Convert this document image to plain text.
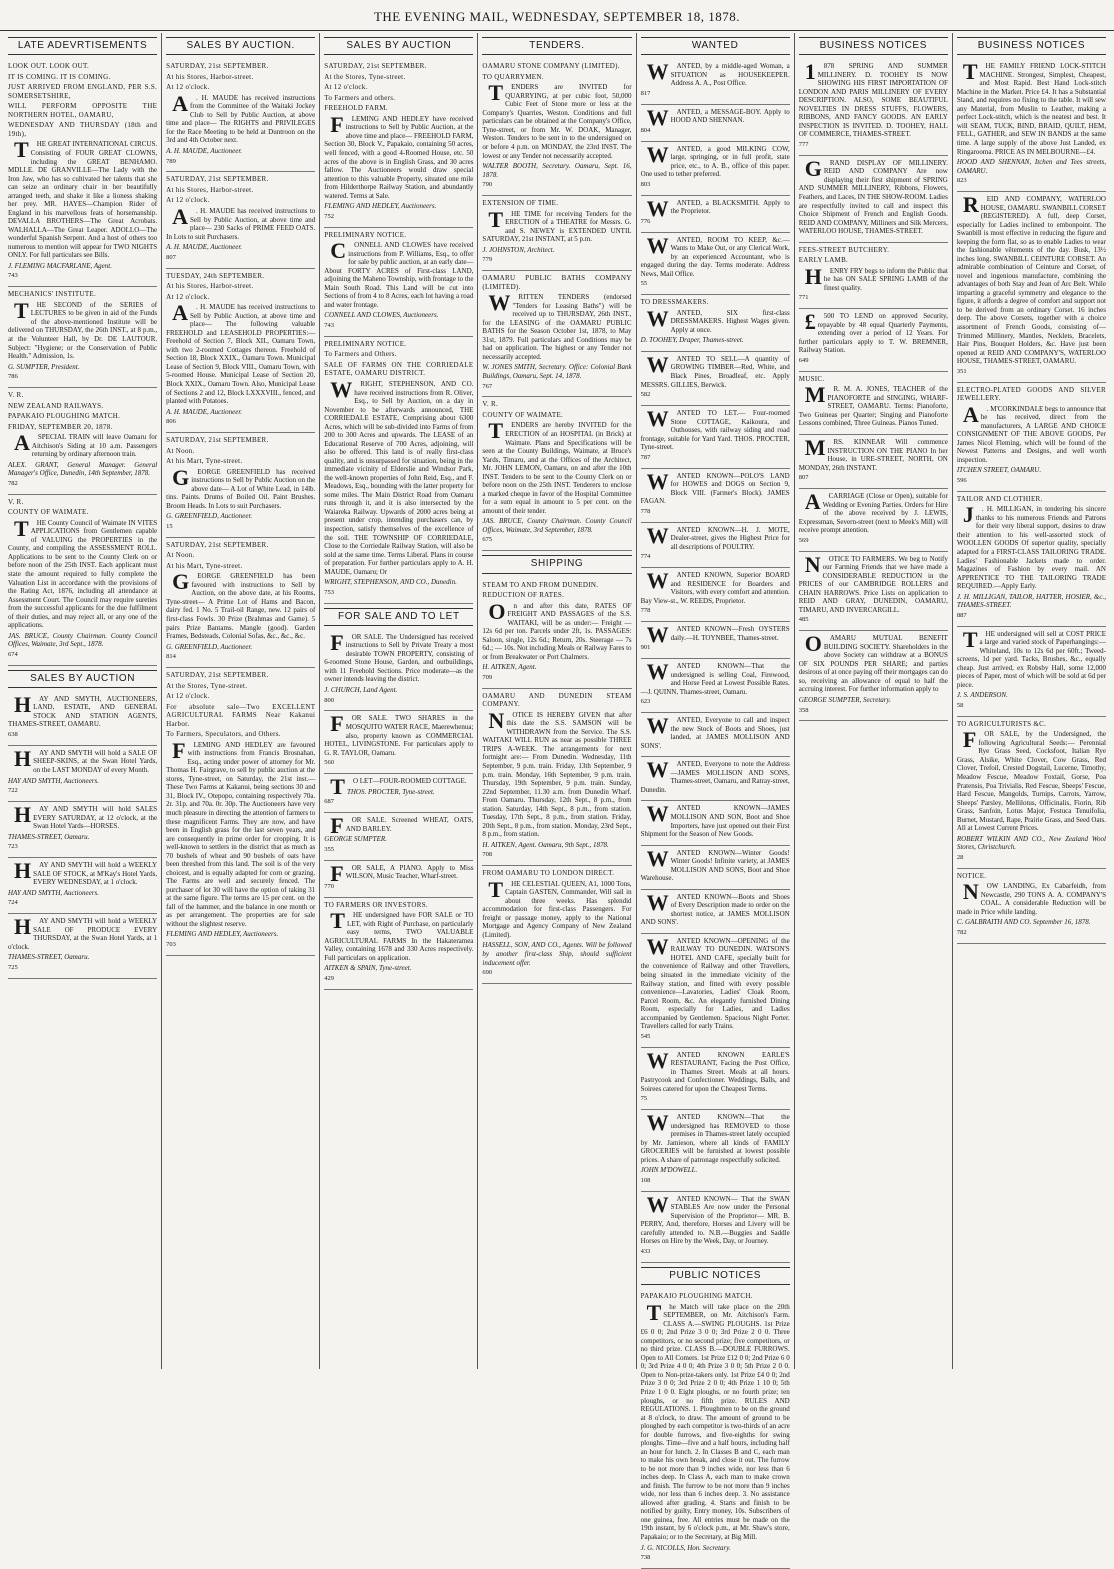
THE EVENING MAIL, WEDNESDAY, SEPTEMBER 18, 1878.
LATE ADEVRTISEMENTS

LOOK OUT. LOOK OUT.

IT IS COMING. IT IS COMING.

JUST ARRIVED FROM ENGLAND, PER S.S. SOMERSETSHIRE,

WILL PERFORM OPPOSITE THE NORTHERN HOTEL, OAMARU,

WEDNESDAY AND THURSDAY (18th and 19th),

T HE GREAT INTERNATIONAL CIRCUS. Consisting of FOUR GREAT CLOWNS, including the GREAT BENHAMO. MDLLE. DE GRANVILLE—The Lady with the Iron Jaw, who has so cultivated her talents that she can seize an ordinary chair in her beautifully arranged teeth, and shake it like a lioness shaking her prey. MR. HAYES—Champion Rider of England in his marvellous feats of horsemanship. DEVALLA BROTHERS—The Great Acrobats. WALHALLA—The Great Leaper. ADOLLO—The wonderful Spanish Serpent. And a host of others too numerous to mention will appear for TWO NIGHTS ONLY. For full particulars see Bills.

J. FLEMING MACFARLANE, Agent.

743

MECHANICS' INSTITUTE.

T HE SECOND of the SERIES of LECTURES to be given in aid of the Funds of the above-mentioned Institute will be delivered on THURSDAY, the 26th INST., at 8 p.m., at the Volunteer Hall, by Dr. DE LAUTOUR. Subject: "Hygiene; or the Conservation of Public Health." Admission, 1s.

G. SUMPTER, President.

786

V. R.

NEW ZEALAND RAILWAYS.

PAPAKAIO PLOUGHING MATCH.

FRIDAY, SEPTEMBER 20, 1878.

A SPECIAL TRAIN will leave Oamaru for Aitchison's Siding at 10 a.m. Passengers returning by ordinary afternoon train.

ALEX. GRANT, General Manager. General Manager's Office, Dunedin, 14th September, 1878.

782

V. R.

COUNTY OF WAIMATE.

T HE County Council of Waimate IN VITES APPLICATIONS from Gentlemen capable of VALUING the PROPERTIES in the County, and compiling the ASSESSMENT ROLL. Applications to be sent to the County Clerk on or before noon of the 25th INST. Each applicant must state the amount required to fully complete the Valuation List in accordance with the provisions of the Rating Act, 1876, including all attendance at Assessment Court. The Council may require sureties from the successful applicants for the due fulfilment of their duties, and may reject all, or any one of the applications.

JAS. BRUCE, County Chairman. County Council Offices, Waimate, 3rd Sept., 1878.

674

SALES BY AUCTION

H AY AND SMYTH, AUCTIONEERS, LAND, ESTATE, AND GENERAL STOCK AND STATION AGENTS, THAMES-STREET, OAMARU.

638

H AY AND SMYTH will hold a SALE OF SHEEP-SKINS, at the Swan Hotel Yards, on the LAST MONDAY of every Month.

HAY AND SMYTH, Auctioneers.

722

H AY AND SMYTH will hold SALES EVERY SATURDAY, at 12 o'clock, at the Swan Hotel Yards—HORSES.

THAMES-STREET, Oamaru.

723

H AY AND SMYTH will hold a WEEKLY SALE OF STOCK, at M'Kay's Hotel Yards, EVERY WEDNESDAY, at 1 o'clock.

HAY AND SMYTH, Auctioneers.

724

H AY AND SMYTH will hold a WEEKLY SALE OF PRODUCE EVERY THURSDAY, at the Swan Hotel Yards, at 1 o'clock.

THAMES-STREET, Oamaru.

725

SALES BY AUCTION.

SATURDAY, 21st SEPTEMBER.

At his Stores, Harbor-street.

At 12 o'clock.

A . H. MAUDE has received instructions from the Committee of the Waitaki Jockey Club to Sell by Public Auction, at above time and place— The RIGHTS and PRIVILEGES for the Race Meeting to be held at Duntroon on the 3rd and 4th October next.

A. H. MAUDE, Auctioneer.

789

SATURDAY, 21st SEPTEMBER.

At his Stores, Harbor-street.

At 12 o'clock.

A . H. MAUDE has received instructions to Sell by Public Auction, at above time and place— 230 Sacks of PRIME FEED OATS. In Lots to suit Purchasers.

A. H. MAUDE, Auctioneer.

807

TUESDAY, 24th SEPTEMBER.

At his Stores, Harbor-street.

At 12 o'clock.

A . H. MAUDE has received instructions to Sell by Public Auction, at above time and place— The following valuable FREEHOLD and LEASEHOLD PROPERTIES:— Freehold of Section 7, Block XII., Oamaru Town, with two 2-roomed Cottages thereon. Freehold of Section 18, Block XXIX., Oamaru Town. Municipal Lease of Section 9, Block VIII., Oamaru Town, with 5-roomed House. Municipal Lease of Section 20, Block XXIX., Oamaru Town. Also, Municipal Lease of Sections 2 and 12, Block LXXXVIII., fenced, and planted with Potatoes.

A. H. MAUDE, Auctioneer.

806

SATURDAY, 21st SEPTEMBER.

At Noon.

At his Mart, Tyne-street.

G EORGE GREENFIELD has received instructions to Sell by Public Auction on the above date— A Lot of White Lead, in 14lb. tins. Paints. Drums of Boiled Oil. Paint Brushes. Broom Heads. In Lots to suit Purchasers.

G. GREENFIELD, Auctioneer.

15

SATURDAY, 21st SEPTEMBER.

At Noon.

At his Mart, Tyne-street.

G EORGE GREENFIELD has been favoured with instructions to Sell by Auction, on the above date, at his Rooms, Tyne-street— A Prime Lot of Hams and Bacon, dairy fed. 1 No. 5 Trail-oil Range, new. 12 pairs of first-class Fowls. 30 Prize (Brahmas and Game). 5 pairs Prize Bantams. Mangle (good). Garden Frames, Bedsteads, Colonial Sofas, &c., &c., &c.

G. GREENFIELD, Auctioneer.

814

SATURDAY, 21st SEPTEMBER.

At the Stores, Tyne-street.

At 12 o'clock.

For absolute sale—Two EXCELLENT AGRICULTURAL FARMS Near Kakanui Harbor.

To Farmers, Speculators, and Others.

F LEMING AND HEDLEY are favoured with instructions from Francis Brosnahan, Esq., acting under power of attorney for Mr. Thomas H. Fairgrave, to sell by public auction at the stores, Tyne-street, on Saturday, the 21st inst.— These Two Farms at Kakanui, being sections 30 and 31, Block IV., Otepopo, containing respectively 70a. 2r. 31p. and 70a. 0r. 30p. The Auctioneers have very much pleasure in directing the attention of farmers to these magnificent Farms. They are now, and have been in English grass for the last seven years, and are consequently in prime order for cropping. It is well-known to settlers in the district that as much as 70 bushels of wheat and 90 bushels of oats have been threshed from this land. The soil is of the very choicest, and is equally adapted for corn or grazing. The Farms are well and securely fenced. The purchaser of lot 30 will have the option of taking 31 at the same figure. The terms are 15 per cent. on the fall of the hammer, and the balance in one month or as per arrangement. The properties are for sale without the slightest reserve.

FLEMING AND HEDLEY, Auctioneers.

703

SALES BY AUCTION

SATURDAY, 21st SEPTEMBER.

At the Stores, Tyne-street.

At 12 o'clock.

To Farmers and others.

FREEHOLD FARM.

F LEMING AND HEDLEY have received instructions to Sell by Public Auction, at the above time and place— FREEHOLD FARM, Section 30, Block V., Papakaio, containing 50 acres, well fenced, with a good 4-Roomed House, etc. 50 acres of the above is in English Grass, and 30 acres fallow. The Auctioneers would draw special attention to this valuable Property, situated one mile from Hilderthorpe Railway Station, and abundantly watered. Terms at Sale.

FLEMING AND HEDLEY, Auctioneers.

752

PRELIMINARY NOTICE.

C ONNELL AND CLOWES have received instructions from P. Williams, Esq., to offer for sale by public auction, at an early date— About FORTY ACRES of First-class LAND, adjoining the Maheno Township, with frontage to the Main South Road. This Land will be cut into Sections of from 4 to 8 Acres, each lot having a road and water frontage.

CONNELL AND CLOWES, Auctioneers.

743

PRELIMINARY NOTICE.

To Farmers and Others.

SALE OF FARMS ON THE CORRIEDALE ESTATE, OAMARU DISTRICT.

W RIGHT, STEPHENSON, AND CO. have received instructions from R. Oliver, Esq., to Sell by Auction, on a day in November to be afterwards announced, THE CORRIEDALE ESTATE, Comprising about 6300 Acres, which will be sub-divided into Farms of from 200 to 300 Acres and upwards. The LEASE of an Educational Reserve of 700 Acres, adjoining, will also be offered. This land is of really first-class quality, and is unsurpassed for situation, being in the immediate vicinity of Elderslie and Windsor Park, the well-known properties of John Reid, Esq., and F. Meadows, Esq., bounding with the latter property for some miles. The Main District Road from Oamaru runs through it, and it is also intersected by the Waiareka Railway. Upwards of 2000 acres being at present under crop, intending purchasers can, by inspection, satisfy themselves of the excellence of the soil. THE TOWNSHIP OF CORRIEDALE, Close to the Corriedale Railway Station, will also be sold at the same time. Terms Liberal. Plans in course of preparation. For further particulars apply to A. H. MAUDE, Oamaru; Or

WRIGHT, STEPHENSON, AND CO., Dunedin.

753

FOR SALE AND TO LET

F OR SALE. The Undersigned has received instructions to Sell by Private Treaty a most desirable TOWN PROPERTY, consisting of 6-roomed Stone House, Garden, and outbuildings, with 11 Freehold Sections. Price moderate—as the owner intends leaving the district.

J. CHURCH, Land Agent.

800

F OR SALE. TWO SHARES in the MOSQUITO WATER RACE, Maerewhenua; also, property known as COMMERCIAL HOTEL, LIVINGSTONE. For particulars apply to G. R. TAYLOR, Oamaru.

560

T O LET—FOUR-ROOMED COTTAGE.

THOS. PROCTER, Tyne-street.

687

F OR SALE. Screened WHEAT, OATS, AND BARLEY.

GEORGE SUMPTER.

355

F OR SALE, A PIANO. Apply to Miss WILSON, Music Teacher, Wharf-street.

770

TO FARMERS OR INVESTORS.

T HE undersigned have FOR SALE or TO LET, with Right of Purchase, on particularly easy terms, TWO VALUABLE AGRICULTURAL FARMS In the Hakateramea Valley, containing 1678 and 330 Acres respectively. Full particulars on application.

AITKEN & SPAIN, Tyne-street.

429

TENDERS.

OAMARU STONE COMPANY (LIMITED).

TO QUARRYMEN.

T ENDERS are INVITED for QUARRYING, at per cubic foot, 50,000 Cubic Feet of Stone more or less at the Company's Quarries, Weston. Conditions and full particulars can be obtained at the Company's Office, Tyne-street, or from Mr. W. DOAK, Manager, Weston. Tenders to be sent in to the undersigned on or before 4 p.m. on MONDAY, the 23rd INST. The lowest or any Tender not necessarily accepted.

WALTER BOOTH, Secretary. Oamaru, Sept. 16, 1878.

790

EXTENSION OF TIME.

T HE TIME for receiving Tenders for the ERECTION of a THEATRE for Messrs. G. and S. NEWEY is EXTENDED UNTIL SATURDAY, 21st INSTANT, at 5 p.m.

J. JOHNSTON, Architect.

779

OAMARU PUBLIC BATHS COMPANY (LIMITED).

W RITTEN TENDERS (endorsed "Tenders for Leasing Baths") will be received up to THURSDAY, 26th INST., for the LEASING of the OAMARU PUBLIC BATHS for the Season October 1st, 1878, to May 31st, 1879. Full particulars and Conditions may be had on application. The highest or any Tender not necessarily accepted.

W. JONES SMITH, Secretary. Office: Colonial Bank Buildings, Oamaru, Sept. 14, 1878.

767

V. R.

COUNTY OF WAIMATE.

T ENDERS are hereby INVITED for the ERECTION of an HOSPITAL (in Brick) at Waimate. Plans and Specifications will be seen at the County Buildings, Waimate, at Bruce's Yards, Timaru, and at the Offices of the Architect, Mr. JOHN LEMON, Oamaru, on and after the 10th INST. Tenders to be sent to the County Clerk on or before noon on the 25th INST. Tenderers to enclose a marked cheque in favor of the Hospital Committee for a sum equal in amount to 5 per cent. on the amount of their tender.

JAS. BRUCE, County Chairman. County Council Offices, Waimate, 3rd September, 1878.

675

SHIPPING

STEAM TO AND FROM DUNEDIN.

REDUCTION OF RATES.

O n and after this date, RATES OF FREIGHT AND PASSAGES of the S.S. WAITAKI, will be as under:— Freight — 12s 6d per ton. Parcels under 2ft, 1s. PASSAGES: Saloon, single, 12s 6d.; Return, 20s. Steerage — 7s 6d.; — 10s. Not including Meals or Railway Fares to or from Breakwater or Port Chalmers.

H. AITKEN, Agent.

709

OAMARU AND DUNEDIN STEAM COMPANY.

N OTICE IS HEREBY GIVEN that after this date the S.S. SAMSON will be WITHDRAWN from the Service. The S.S. WAITAKI WILL RUN as near as possible THREE TRIPS A-WEEK. The arrangements for next fortnight are:— From Dunedin. Wednesday, 11th September, 9 p.m. train. Friday, 13th September, 9 p.m. train. Monday, 16th September, 9 p.m. train. Thursday, 19th September, 9 p.m. train. Sunday, 22nd September, 11.30 a.m. from Dunedin Wharf. From Oamaru. Thursday, 12th Sept., 8 p.m., from station. Saturday, 14th Sept., 8 p.m., from station. Tuesday, 17th Sept., 8 p.m., from station. Friday, 20th Sept., 8 p.m., from station. Monday, 23rd Sept., 8 p.m., from station.

H. AITKEN, Agent. Oamaru, 9th Sept., 1878.

708

FROM OAMARU TO LONDON DIRECT.

T HE CELESTIAL QUEEN, A1, 1000 Tons, Captain GASTEN, Commander, Will sail in about three weeks. Has splendid accommodation for first-class Passengers. For freight or passage money, apply to the National Mortgage and Agency Company of New Zealand (Limited).

HASSELL, SON, AND CO., Agents. Will be followed by another first-class Ship, should sufficient inducement offer.

690

WANTED

W ANTED, by a middle-aged Woman, a SITUATION as HOUSEKEEPER. Address A. A., Post Office.

817

W ANTED, a MESSAGE-BOY. Apply to HOOD AND SHENNAN.

804

W ANTED, a good MILKING COW, large, springing, or in full profit, state price, etc., to A. B., office of this paper. One used to tether preferred.

803

W ANTED, a BLACKSMITH. Apply to the Proprietor.

776

W ANTED, ROOM TO KEEP, &c.— Wants to Make Out, or any Clerical Work, by an experienced Accountant, who is engaged during the day. Terms moderate. Address News, Mail Office.

55

TO DRESSMAKERS.

W ANTED, SIX first-class DRESSMAKERS. Highest Wages given. Apply at once.

D. TOOHEY, Draper, Thames-street.

W ANTED TO SELL—A quantity of GROWING TIMBER—Red, White, and Black Pines, Broadleaf, etc. Apply MESSRS. GILLIES, Berwick.

582

W ANTED TO LET.— Four-roomed Stone COTTAGE, Kaikoura, and Outhouses, with railway siding and road frontage, suitable for Yard Yard. THOS. PROCTER, Tyne-street.

787

W ANTED KNOWN—POLO'S LAND for HOWES and DOGS on Section 9, Block VIII. (Farmer's Block). JAMES FAGAN.

778

W ANTED KNOWN—H. J. MOTE, Dealer-street, gives the Highest Price for all descriptions of POULTRY.

774

W ANTED KNOWN, Superior BOARD and RESIDENCE for Boarders and Visitors, with every comfort and attention. Bay View-st., W. REEDS, Proprietor.

778

W ANTED KNOWN—Fresh OYSTERS daily.—H. TOYNBEE, Thames-street.

901

W ANTED KNOWN—That the undersigned is selling Coal, Firewood, and Horse Feed at Lowest Possible Rates. —J. QUINN, Thames-street, Oamaru.

623

W ANTED, Everyone to call and inspect the new Stock of Boots and Shoes, just landed, at JAMES MOLLISON AND SONS'.

W ANTED, Everyone to note the Address—JAMES MOLLISON AND SONS, Thames-street, Oamaru, and Ratray-street, Dunedin.

W ANTED KNOWN—JAMES MOLLISON AND SON, Boot and Shoe Importers, have just opened out their First Shipment for the Season of New Goods.

W ANTED KNOWN—Winter Goods! Winter Goods! Infinite variety, at JAMES MOLLISON AND SONS, Boot and Shoe Warehouse.

W ANTED KNOWN—Boots and Shoes of Every Description made to order on the shortest notice, at JAMES MOLLISON AND SONS'.

W ANTED KNOWN—OPENING of the RAILWAY TO DUNEDIN. WATSON'S HOTEL AND CAFE, specially built for the convenience of Railway and other Travellers, being situated in the immediate vicinity of the Railway station, and fitted with every possible convenience—Lavatories, Ladies' Cloak Room, Parcel Room, &c. An elegantly furnished Dining Room, especially for Ladies, and Ladies accompanied by Gentlemen. Spacious Night Porter. Travellers called for early Trains.

545

W ANTED KNOWN EARLE'S RESTAURANT, Facing the Post Office, in Thames Street. Meals at all hours. Pastrycook and Confectioner. Weddings, Balls, and Soirees catered for upon the Cheapest Terms.

75

W ANTED KNOWN—That the undersigned has REMOVED to those premises in Thames-street lately occupied by Mr. Jamieson, where all kinds of FAMILY GROCERIES will be furnished at lowest possible prices. A share of patronage respectfully solicited.

JOHN M'DOWELL.

108

W ANTED KNOWN— That the SWAN STABLES Are now under the Personal Supervision of the Proprietor— MR. B. PERRY, And, therefore, Horses and Livery will be carefully attended to. N.B.—Buggies and Saddle Horses on Hire by the Week, Day, or Journey.

433

PUBLIC NOTICES

PAPAKAIO PLOUGHING MATCH.

T he Match will take place on the 20th SEPTEMBER, on Mr. Aitchison's Farm. CLASS A.—SWING PLOUGHS. 1st Prize £6 0 0; 2nd Prize 3 0 0; 3rd Prize 2 0 0. Three competitors, or no second prize; five competitors, or no third prize. CLASS B.—DOUBLE FURROWS. Open to All Comers. 1st Prize £12 0 0; 2nd Prize 6 0 0; 3rd Prize 4 0 0; 4th Prize 3 0 0; 5th Prize 2 0 0. Open to Non-prize-takers only. 1st Prize £4 0 0; 2nd Prize 3 0 0; 3rd Prize 2 0 0; 4th Prize 1 10 0; 5th Prize 1 0 0. Eight ploughs, or no fourth prize; ten ploughs, or no fifth prize. RULES AND REGULATIONS. 1. Ploughmen to be on the ground at 8 o'clock, to draw. The amount of ground to be ploughed by each competitor is two-thirds of an acre for double furrows, and five-eighths for swing ploughs. Time—five and a half hours, including half an hour for lunch. 2. In Classes B and C, each man to make his own break, and close it out. The furrow to be not more than 9 inches wide, nor less than 6 inches deep. In Class A, each man to make crown and finish. The furrow to be not more than 9 inches wide, nor less than 6 inches deep. 3. No assistance allowed after grading. 4. Starts and finish to be notified by guilty, Entry money, 10s. Subscribers of one guinea, free. All entries must be made on the 19th instant, by 6 o'clock p.m., at Mr. Shaw's store, Papakaio; or to the Secretary, at Big Mill.

J. G. NICOLLS, Hon. Secretary.

738

BUSINESS NOTICES

1 878 SPRING AND SUMMER MILLINERY. D. TOOHEY IS NOW SHOWING HIS FIRST IMPORTATION OF LONDON AND PARIS MILLINERY OF EVERY DESCRIPTION. ALSO, SOME BEAUTIFUL NOVELTIES IN DRESS STUFFS, FLOWERS, RIBBONS, AND FANCY GOODS. AN EARLY INSPECTION IS INVITED. D. TOOHEY, HALL OF COMMERCE, THAMES-STREET.

777

G RAND DISPLAY OF MILLINERY. REID AND COMPANY Are now displaying their first shipment of SPRING AND SUMMER MILLINERY, Ribbons, Flowers, Feathers, and Laces, IN THE SHOW-ROOM. Ladies are respectfully invited to call and inspect this Choice Shipment of French and English Goods. REID AND COMPANY, Milliners and Silk Mercers, WATERLOO HOUSE, THAMES-STREET.

FEES-STREET BUTCHERY.

EARLY LAMB.

H ENRY FRY begs to inform the Public that he has ON SALE SPRING LAMB of the finest quality.

771

£ 500 TO LEND on approved Security, repayable by 48 equal Quarterly Payments, extending over a period of 12 Years. For further particulars apply to T. W. BREMNER, Railway Station.

649

MUSIC.

M R. M. A. JONES, TEACHER of the PIANOFORTE and SINGING, WHARF-STREET, OAMARU. Terms: Pianoforte, Two Guineas per Quarter; Singing and Pianoforte Lessons combined, Three Guineas. Pianos Tuned.

M RS. KINNEAR Will commence INSTRUCTION ON THE PIANO In her House, in URE-STREET, NORTH, ON MONDAY, 26th INSTANT.

807

A CARRIAGE (Close or Open), suitable for Wedding or Evening Parties. Orders for Hire of the above received by J. LEWIS, Expressman, Severn-street (next to Meek's Mill) will receive prompt attention.

569

N OTICE TO FARMERS. We beg to Notify our Farming Friends that we have made a CONSIDERABLE REDUCTION in the PRICES of our CAMBRIDGE ROLLERS and CHAIN HARROWS. Price Lists on application to REID AND GRAY, DUNEDIN, OAMARU, TIMARU, AND INVERCARGILL.

485

O AMARU MUTUAL BENEFIT BUILDING SOCIETY. Shareholders in the above Society can withdraw at a BONUS OF SIX POUNDS PER SHARE; and parties desirous of at once paying off their mortgages can do so, receiving an allowance of equal to half the accruing interest. For further information apply to

GEORGE SUMPTER, Secretary.

358

BUSINESS NOTICES

T HE FAMILY FRIEND LOCK-STITCH MACHINE. Strongest, Simplest, Cheapest, and Most Rapid. Best Hand Lock-stitch Machine in the Market. Price £4. It has a Substantial Stand, and requires no fixing to the table. It will sew any Material, from Muslin to Leather, making a perfect Lock-stitch, which is the neatest and best. It will SEAM, TUCK, BIND, BRAID, QUILT, HEM, FELL, GATHER, and SEW IN BANDS at the same time. A large supply of the above Just Landed, ex Ringarooma. PRICE AS IN MELBOURNE—£4.

HOOD AND SHENNAN, Itchen and Tees streets, OAMARU.

823

R EID AND COMPANY, WATERLOO HOUSE, OAMARU. SWANBILL CORSET (REGISTERED). A full, deep Corset, especially for Ladies inclined to embonpoint. The Swanbill is most effective in reducing the figure and keeping the form flat, so as to enable Ladies to wear the fashionable vêtements of the day. Busk, 13½ inches long. SWANBILL CEINTURE CORSET. An admirable combination of Ceinture and Corset, of novel and ingenious manufacture, combining the advantages of both Stay and Jean of Arc Belt. While imparting a graceful symmetry and elegance to the figure, it affords a degree of comfort and support not to be derived from an ordinary Corset. 16 inches deep. The above Corsets, together with a choice assortment of French Goods, consisting of— Trimmed Millinery, Mantles, Necklets, Bracelets, Hair Pins, Bouquet Holders, &c. Have just been opened at REID AND COMPANY'S, WATERLOO HOUSE, THAMES-STREET, OAMARU.

351

ELECTRO-PLATED GOODS AND SILVER JEWELLERY.

A . M'CORKINDALE begs to announce that he has received, direct from the manufacturers, A LARGE AND CHOICE CONSIGNMENT OF THE ABOVE GOODS, Per James Nicol Fleming, which will be found of the Newest Patterns and Designs, and well worth inspection.

ITCHEN STREET, OAMARU.

596

TAILOR AND CLOTHIER.

J . H. MILLIGAN, in tendering his sincere thanks to his numerous Friends and Patrons for their very liberal support, desires to draw their attention to his well-assorted stock of WOOLLEN GOODS Of superior quality, specially adapted for a FIRST-CLASS TAILORING TRADE. Ladies' Fashionable Jackets made to order. Magazines of Fashion by every mail. AN APPRENTICE TO THE TAILORING TRADE REQUIRED.—Apply Early.

J. H. MILLIGAN, TAILOR, HATTER, HOSIER, &c., THAMES-STREET.

887

T HE undersigned will sell at COST PRICE a large and varied stock of Paperhangings:—Whiteland, 10s to 12s 6d per 60ft.; Tweed-screens, 1d per yard. Tacks, Brushes, &c., equally cheap. Just arrived, ex Robsby Hall, some 12,000 pieces of Paper, most of which will be sold at 6d per piece.

J. S. ANDERSON.

58

TO AGRICULTURISTS &C.

F OR SALE, by the Undersigned, the following Agricultural Seeds:— Perennial Rye Grass Seed, Cocksfoot, Italian Rye Grass, Alsike, White Clover, Cow Grass, Red Clover, Trefoil, Crested Dogstail, Lucerne, Timothy, Meadow Fescue, Meadow Foxtail, Gorse, Poa Pratensis, Poa Trivialis, Red Fescue, Sheeps' Fescue, Hard Fescue, Mangolds, Turnips, Carrots, Yarrow, Sheeps' Parsley, Mellilotus, Officinalis, Fiorin, Rib Grass, Sanfoin, Lotus Major, Festuca Tenuifolia, Burnet, Mustard, Rape, Prairie Grass, and Seed Oats. All at Lowest Current Prices.

ROBERT WILKIN AND CO., New Zealand Wool Stores, Christchurch.

28

NOTICE.

N OW LANDING, Ex Cabarfeidh, from Newcastle, 290 TONS A. A. COMPANY'S COAL. A considerable Reduction will be made in Price while landing.

C. GALBRAITH AND CO. September 16, 1878.

782
